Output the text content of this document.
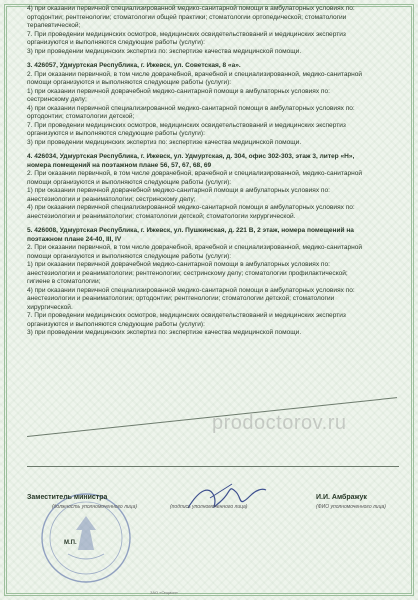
4) при оказании первичной специализированной медико-санитарной помощи в амбулаторных условиях по:
ортодонтии; рентгенологии; стоматологии общей практики; стоматологии ортопедической; стоматологии
терапевтической;
7. При проведении медицинских осмотров, медицинских освидетельствований и медицинских экспертиз
организуются и выполняются следующие работы (услуги):
3) при проведении медицинских экспертиз по: экспертизе качества медицинской помощи.
3. 426057, Удмуртская Республика, г. Ижевск, ул. Советская, 8 «а».
2. При оказании первичной, в том числе доврачебной, врачебной и специализированной, медико-санитарной
помощи организуются и выполняются следующие работы (услуги):
1) при оказании первичной доврачебной медико-санитарной помощи в амбулаторных условиях по:
сестринскому делу;
4) при оказании первичной специализированной медико-санитарной помощи в амбулаторных условиях по:
ортодонтии; стоматологии детской;
7. При проведении медицинских осмотров, медицинских освидетельствований и медицинских экспертиз
организуются и выполняются следующие работы (услуги):
3) при проведении медицинских экспертиз по: экспертизе качества медицинской помощи.
4. 426034, Удмуртская Республика, г. Ижевск, ул. Удмуртская, д. 304, офис 302-303, этаж 3, литер «Н»,
номера помещений на поэтажном плане 56, 57, 67, 68, 69
2. При оказании первичной, в том числе доврачебной, врачебной и специализированной, медико-санитарной
помощи организуются и выполняются следующие работы (услуги):
1) при оказании первичной доврачебной медико-санитарной помощи в амбулаторных условиях по:
анестезиологии и реаниматологии; сестринскому делу;
4) при оказании первичной специализированной медико-санитарной помощи в амбулаторных условиях по:
анестезиологии и реаниматологии; стоматологии детской; стоматологии хирургической.
5. 426008, Удмуртская Республика, г. Ижевск, ул. Пушкинская, д. 221 В, 2 этаж, номера помещений на
поэтажном плане 24-40, III, IV
2. При оказании первичной, в том числе доврачебной, врачебной и специализированной, медико-санитарной
помощи организуются и выполняются следующие работы (услуги):
1) при оказании первичной доврачебной медико-санитарной помощи в амбулаторных условиях по:
анестезиологии и реаниматологии; рентгенологии; сестринскому делу; стоматологии профилактической;
гигиене в стоматологии;
4) при оказании первичной специализированной медико-санитарной помощи в амбулаторных условиях по:
анестезиологии и реаниматологии; ортодонтии; рентгенологии; стоматологии детской; стоматологии
хирургической.
7. При проведении медицинских осмотров, медицинских освидетельствований и медицинских экспертиз
организуются и выполняются следующие работы (услуги):
3) при проведении медицинских экспертиз по: экспертизе качества медицинской помощи.
prodoctorov.ru
Заместитель министра
(должность уполномоченного лица)	(подпись уполномоченного лица)
И.И. Амбражук
(ФИО уполномоченного лица)
М.П.
ЗАО «Опцион»
